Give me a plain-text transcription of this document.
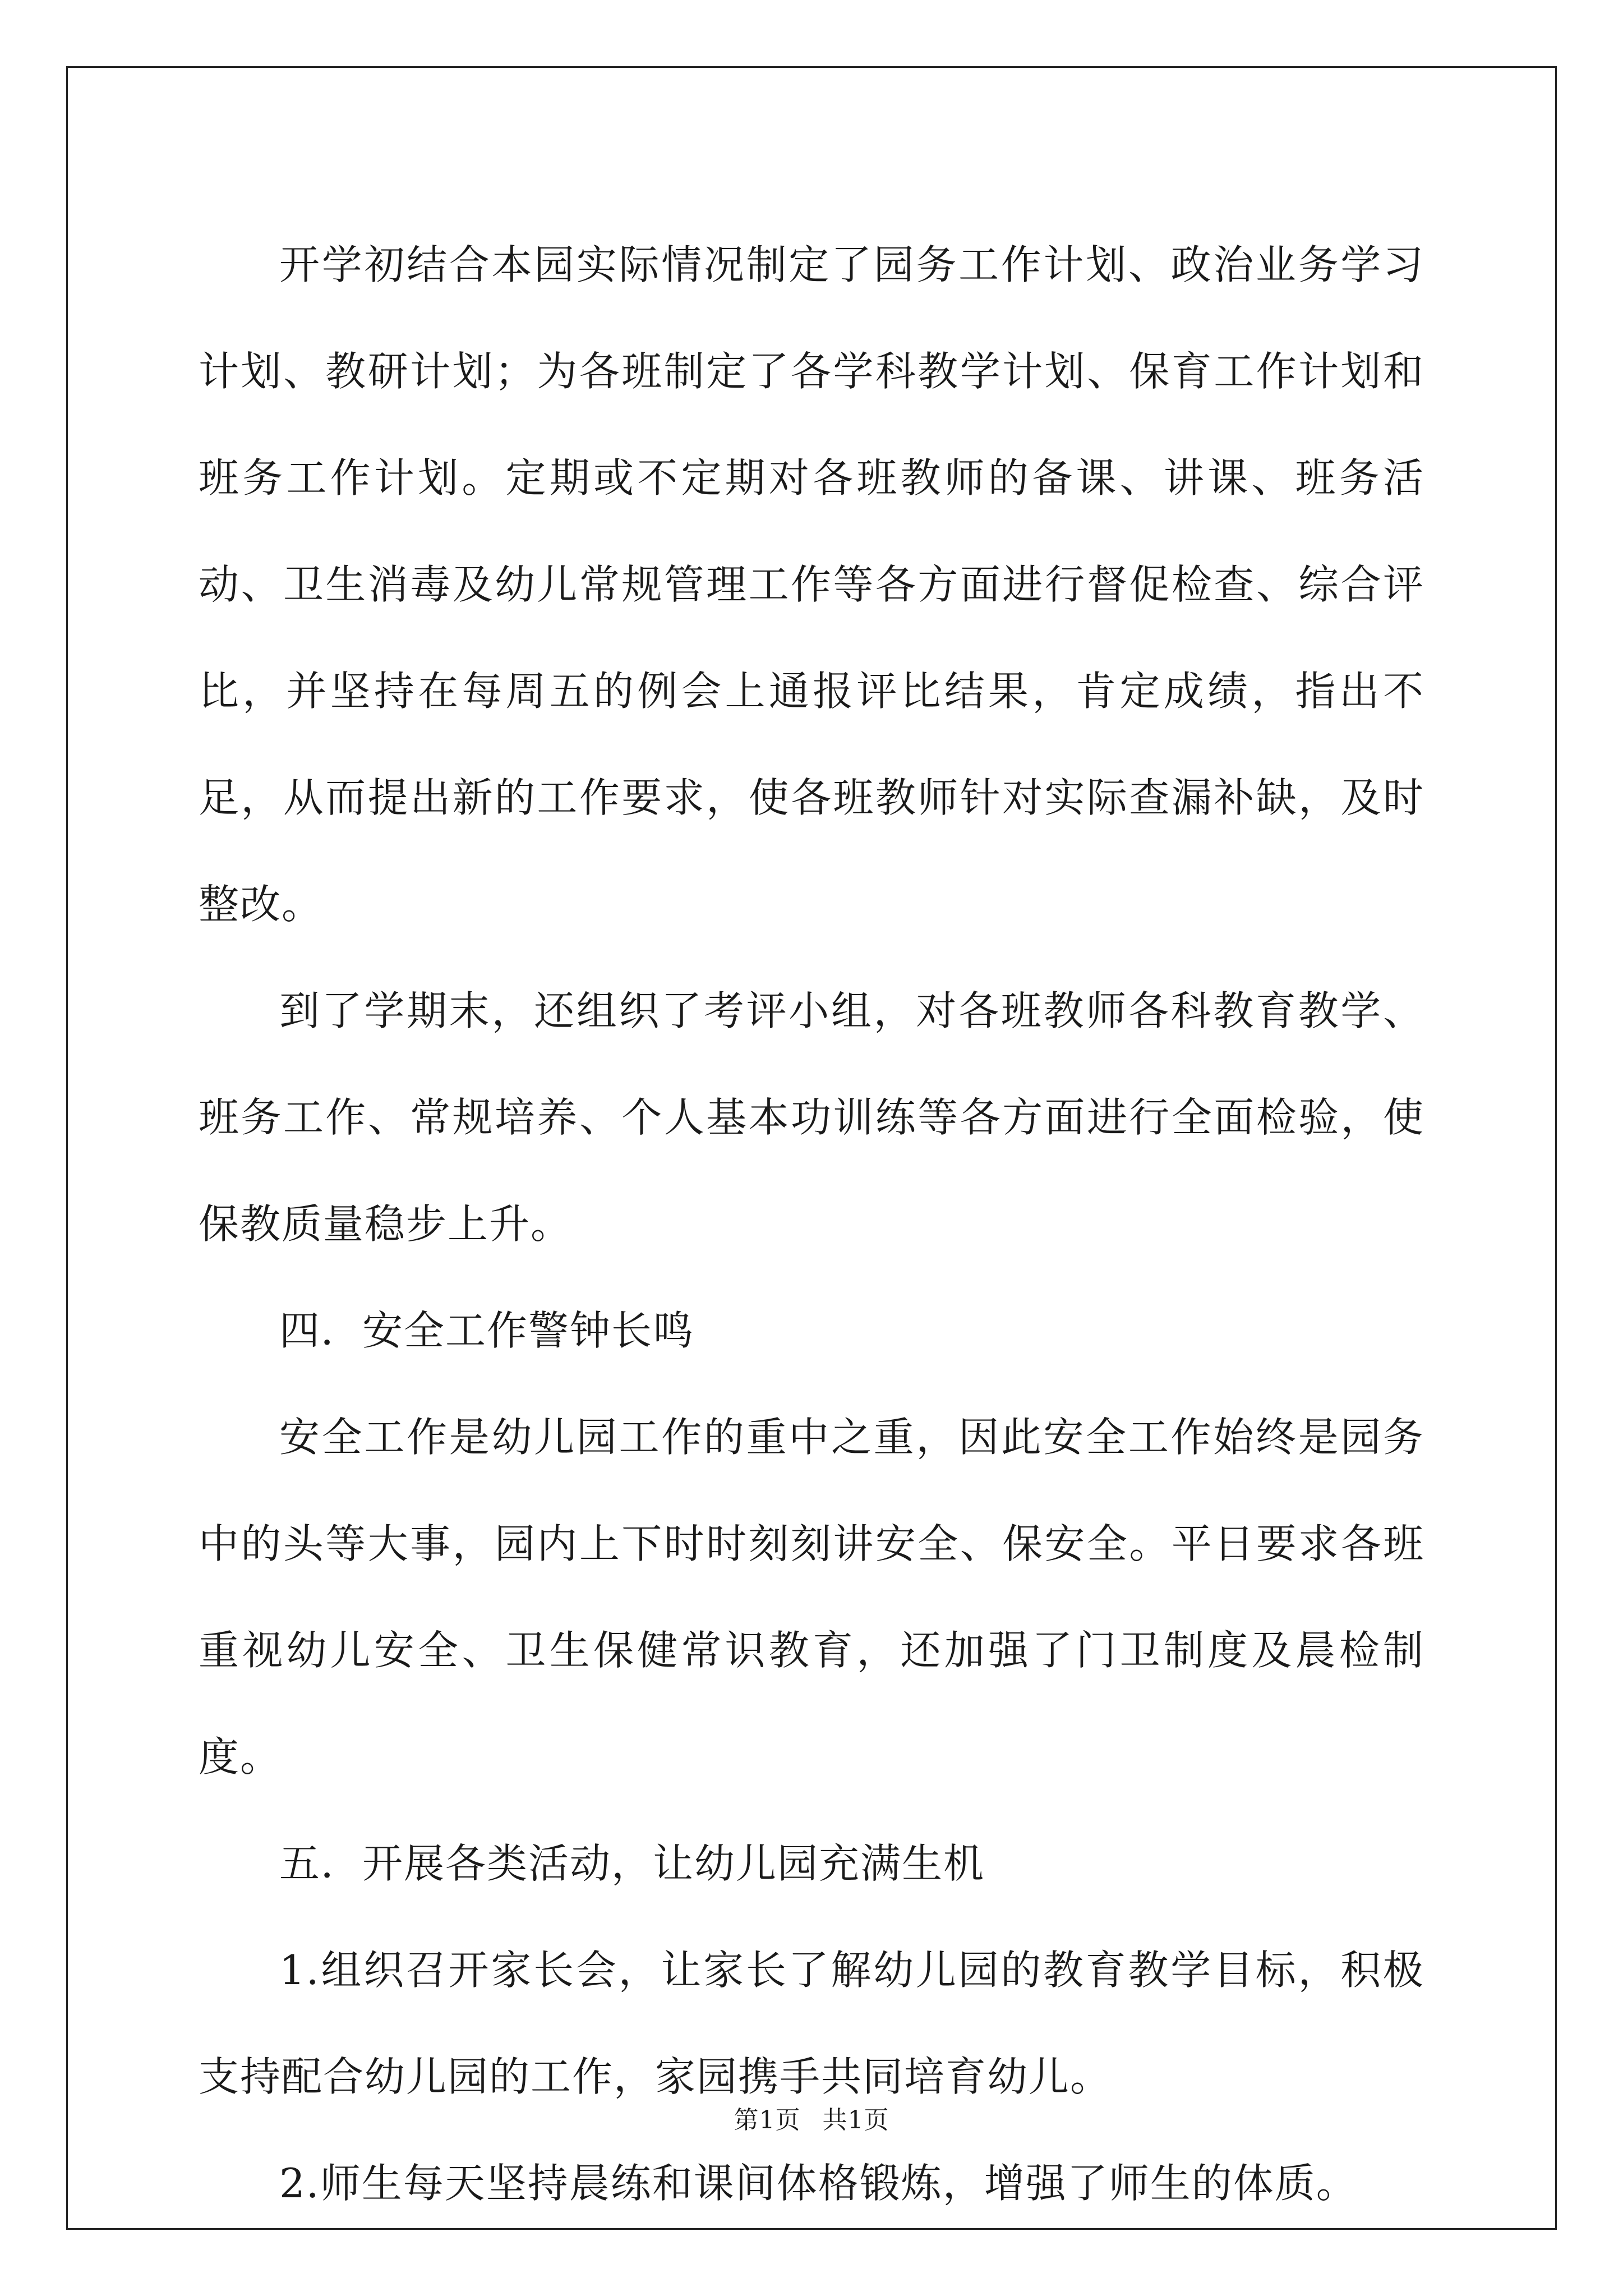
开学初结合本园实际情况制定了园务工作计划、政治业务学习计划、教研计划；为各班制定了各学科教学计划、保育工作计划和班务工作计划。定期或不定期对各班教师的备课、讲课、班务活动、卫生消毒及幼儿常规管理工作等各方面进行督促检查、综合评比，并坚持在每周五的例会上通报评比结果，肯定成绩，指出不足，从而提出新的工作要求，使各班教师针对实际查漏补缺，及时整改。

到了学期末，还组织了考评小组，对各班教师各科教育教学、班务工作、常规培养、个人基本功训练等各方面进行全面检验，使保教质量稳步上升。

四．安全工作警钟长鸣

安全工作是幼儿园工作的重中之重，因此安全工作始终是园务中的头等大事，园内上下时时刻刻讲安全、保安全。平日要求各班重视幼儿安全、卫生保健常识教育，还加强了门卫制度及晨检制度。

五．开展各类活动，让幼儿园充满生机

1.组织召开家长会，让家长了解幼儿园的教育教学目标，积极支持配合幼儿园的工作，家园携手共同培育幼儿。

2.师生每天坚持晨练和课间体格锻炼，增强了师生的体质。

第1页 共1页
